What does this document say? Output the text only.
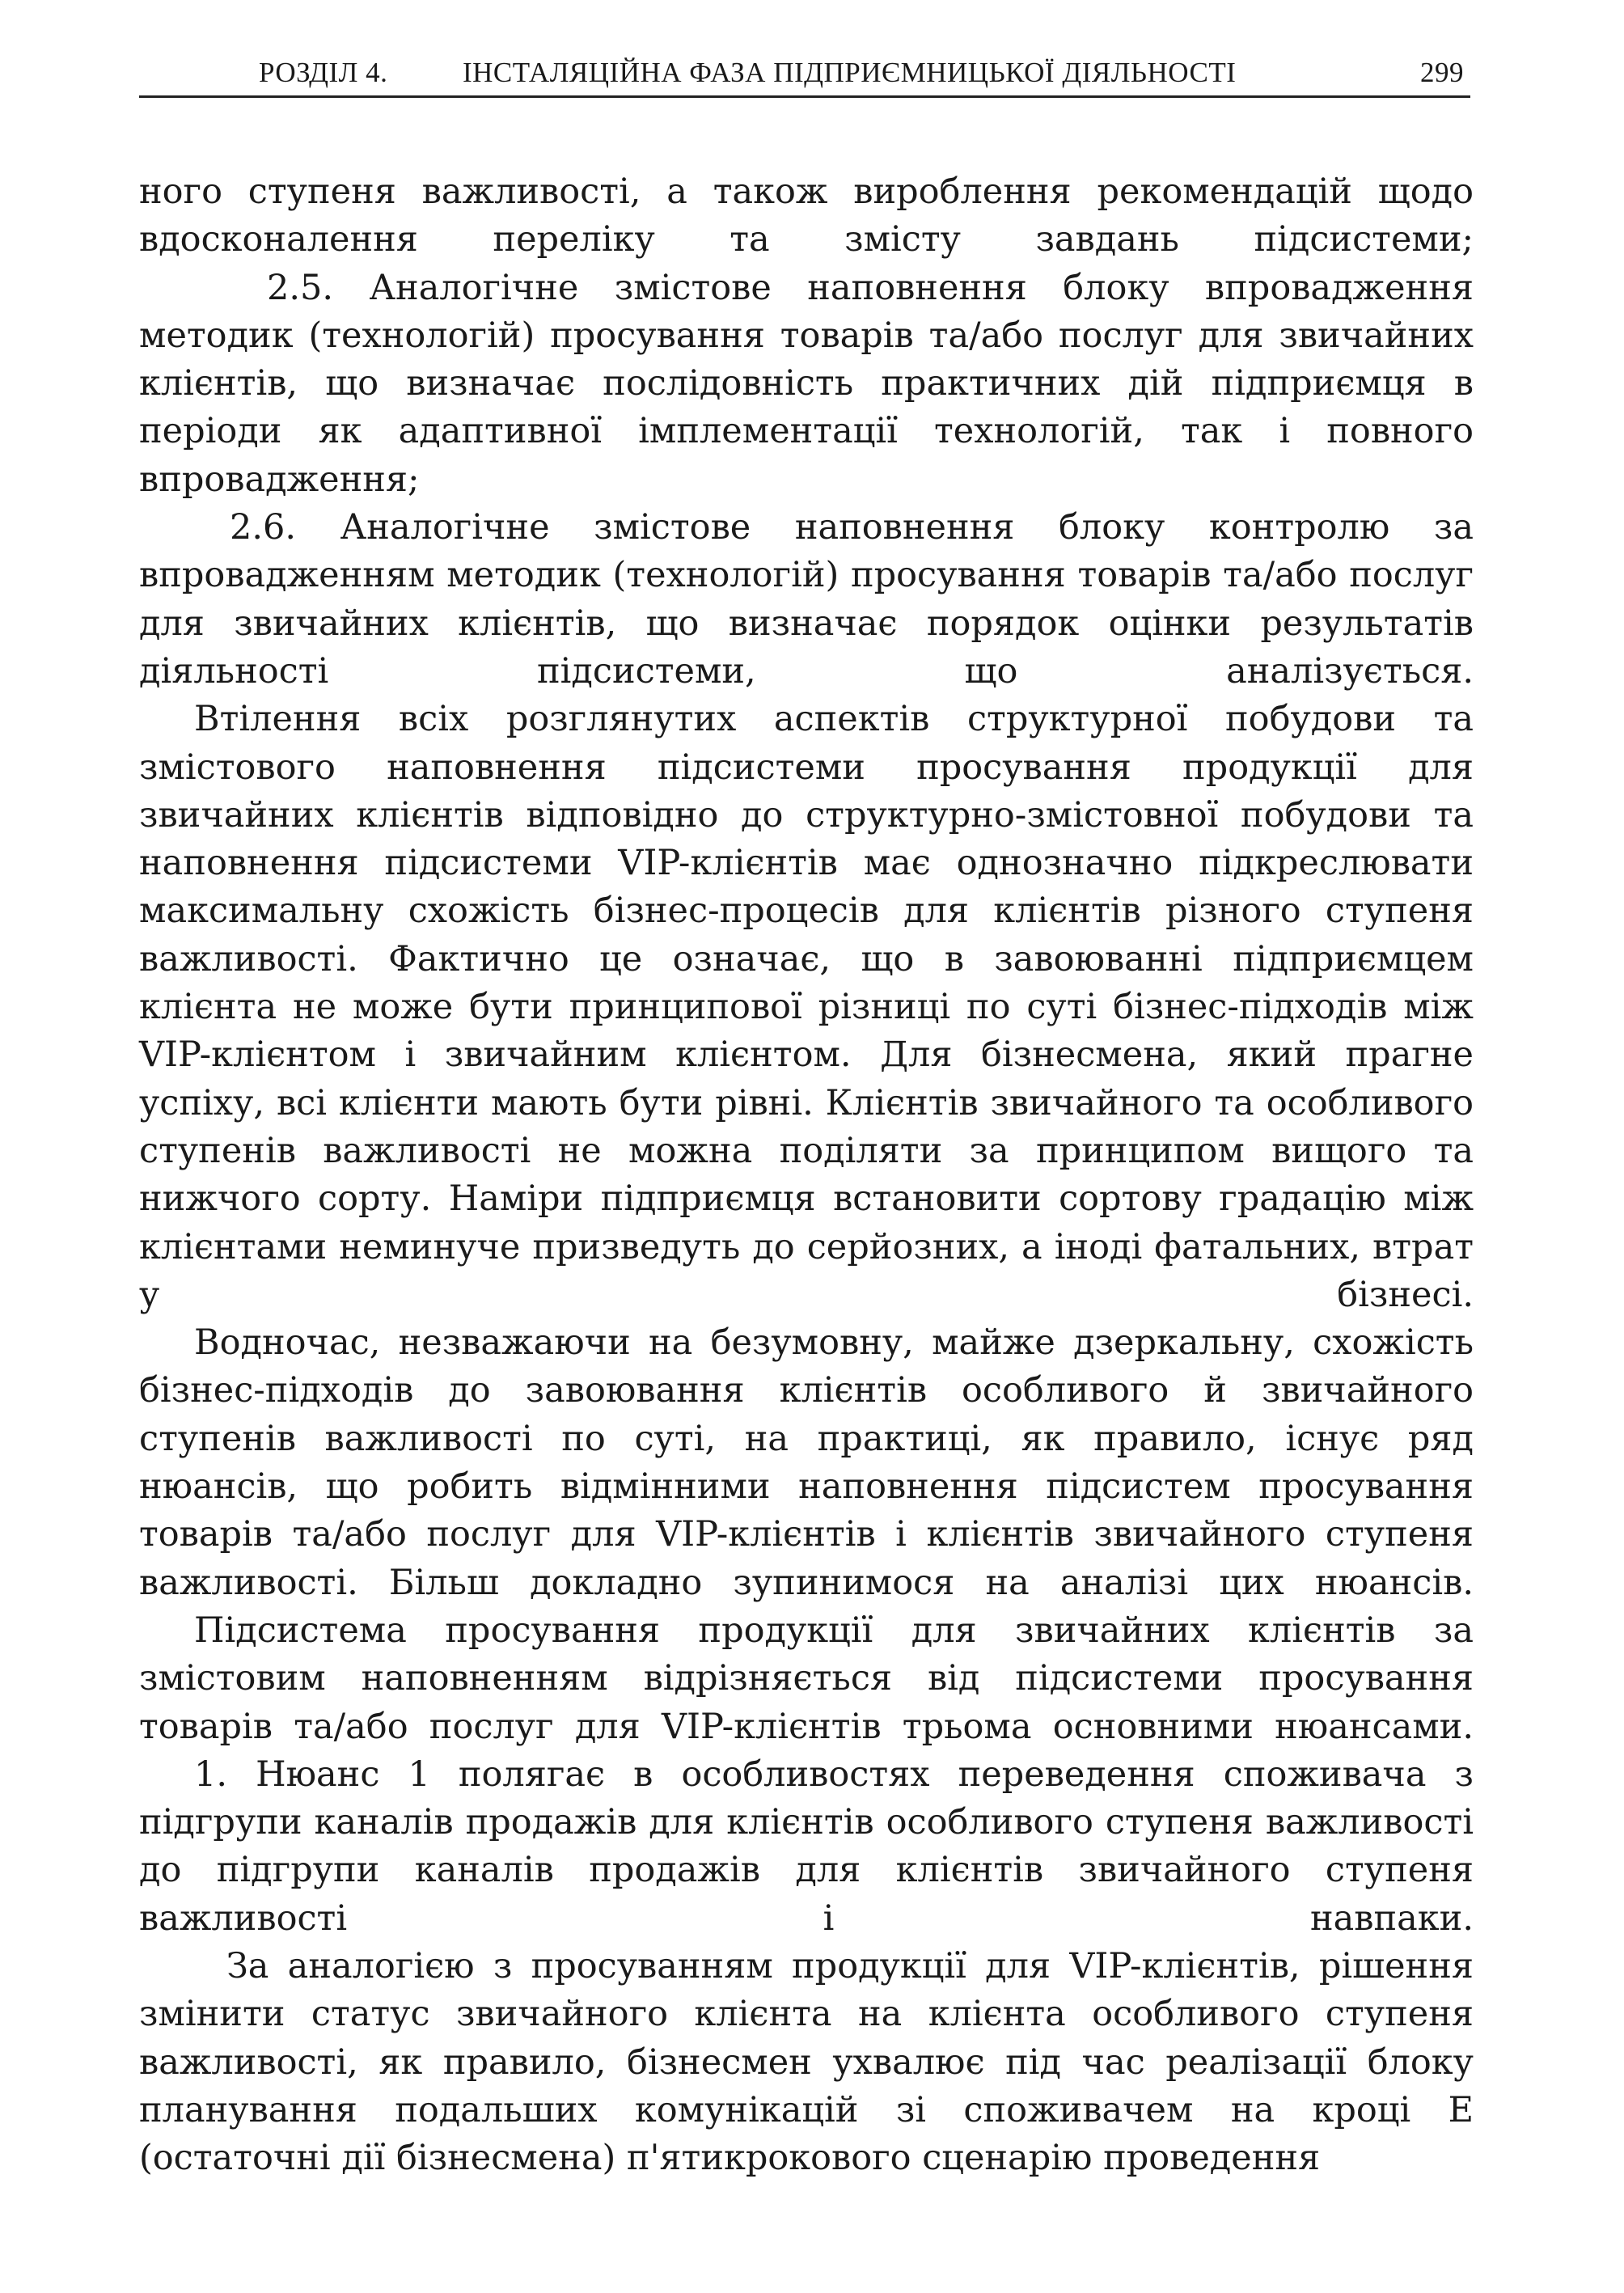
РОЗДІЛ 4.	ІНСТАЛЯЦІЙНА ФАЗА ПІДПРИЄМНИЦЬКОЇ ДІЯЛЬНОСТІ	299

ного ступеня важливості, а також вироблення рекомендацій щодо вдосконалення переліку та змісту завдань підсистеми;

2.5. Аналогічне змістове наповнення блоку впровадження методик (технологій) просування товарів та/або послуг для звичайних клієнтів, що визначає послідовність практичних дій підприємця в періоди як адаптивної імплементації технологій, так і повного впровадження;

2.6. Аналогічне змістове наповнення блоку контролю за впровадженням методик (технологій) просування товарів та/або послуг для звичайних клієнтів, що визначає порядок оцінки результатів діяльності підсистеми, що аналізується.

Втілення всіх розглянутих аспектів структурної побудови та змістового наповнення підсистеми просування продукції для звичайних клієнтів відповідно до структурно-змістовної побудови та наповнення підсистеми VIP-клієнтів має однозначно підкреслювати максимальну схожість бізнес-процесів для клієнтів різного ступеня важливості. Фактично це означає, що в завоюванні підприємцем клієнта не може бути принципової різниці по суті бізнес-підходів між VIP-клієнтом і звичайним клієнтом. Для бізнесмена, який прагне успіху, всі клієнти мають бути рівні. Клієнтів звичайного та особливого ступенів важливості не можна поділяти за принципом вищого та нижчого сорту. Наміри підприємця встановити сортову градацію між клієнтами неминуче призведуть до серйозних, а іноді фатальних, втрат у бізнесі.

Водночас, незважаючи на безумовну, майже дзеркальну, схожість бізнес-підходів до завоювання клієнтів особливого й звичайного ступенів важливості по суті, на практиці, як правило, існує ряд нюансів, що робить відмінними наповнення підсистем просування товарів та/або послуг для VIP-клієнтів і клієнтів звичайного ступеня важливості. Більш докладно зупинимося на аналізі цих нюансів.

Підсистема просування продукції для звичайних клієнтів за змістовим наповненням відрізняється від підсистеми просування товарів та/або послуг для VIP-клієнтів трьома основними нюансами.

1. Нюанс 1 полягає в особливостях переведення споживача з підгрупи каналів продажів для клієнтів особливого ступеня важливості до підгрупи каналів продажів для клієнтів звичайного ступеня важливості і навпаки.

За аналогією з просуванням продукції для VIP-клієнтів, рішення змінити статус звичайного клієнта на клієнта особливого ступеня важливості, як правило, бізнесмен ухвалює під час реалізації блоку планування подальших комунікацій зі споживачем на кроці Е (остаточні дії бізнесмена) п'ятикрокового сценарію проведення
